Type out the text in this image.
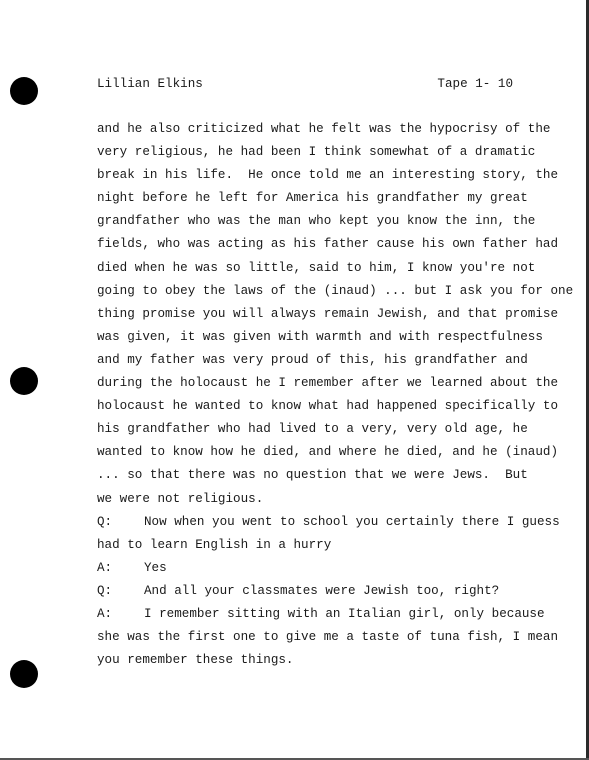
Lillian Elkins

	Tape 1- 10

and he also criticized what he felt was the hypocrisy of the
very religious, he had been I think somewhat of a dramatic
break in his life.  He once told me an interesting story, the
night before he left for America his grandfather my great
grandfather who was the man who kept you know the inn, the
fields, who was acting as his father cause his own father had
died when he was so little, said to him, I know you're not
going to obey the laws of the (inaud) ... but I ask you for one
thing promise you will always remain Jewish, and that promise
was given, it was given with warmth and with respectfulness
and my father was very proud of this, his grandfather and
during the holocaust he I remember after we learned about the
holocaust he wanted to know what had happened specifically to
his grandfather who had lived to a very, very old age, he
wanted to know how he died, and where he died, and he (inaud)
... so that there was no question that we were Jews.  But
we were not religious.

Q:

	Now when you went to school you certainly there I guess

had to learn English in a hurry

A:

	Yes

Q:

	And all your classmates were Jewish too, right?

A:

	I remember sitting with an Italian girl, only because

she was the first one to give me a taste of tuna fish, I mean
you remember these things.
